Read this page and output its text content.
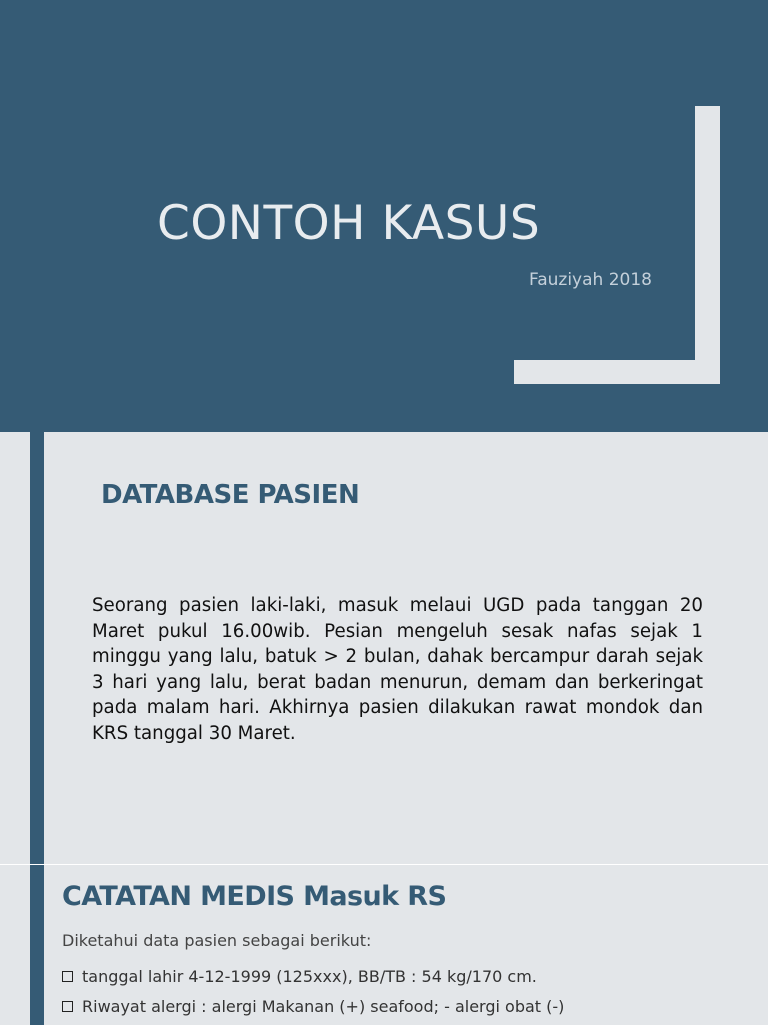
CONTOH KASUS

Fauziyah 2018

DATABASE PASIEN

Seorang pasien laki-laki, masuk melaui UGD pada tanggan 20 Maret pukul 16.00wib. Pesian mengeluh sesak nafas sejak 1 minggu yang lalu, batuk > 2 bulan, dahak bercampur darah sejak 3 hari yang lalu, berat badan menurun, demam dan berkeringat pada malam hari. Akhirnya pasien dilakukan rawat mondok dan KRS tanggal 30 Maret.

CATATAN MEDIS Masuk RS

Diketahui data pasien sebagai berikut:

tanggal lahir 4-12-1999 (125xxx), BB/TB : 54 kg/170 cm.
Riwayat alergi : alergi Makanan (+) seafood; - alergi obat (-)
